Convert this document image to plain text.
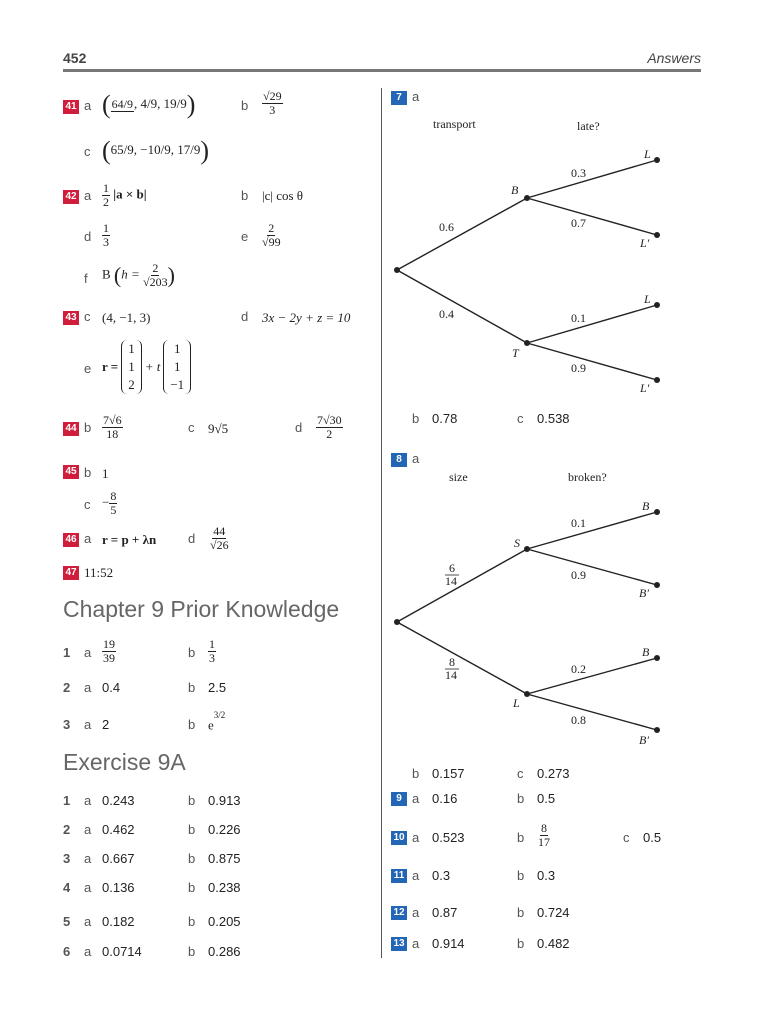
452	Answers
41 a ( 64/9 , 4/9, 19/9)	b $\frac{√29}{3}$
c (65/9, −10/9, 17/9)
42 a $\frac{1}{2} |a \times b|$	b |c| cos θ
d $\frac{1}{3}$	e $\frac{2}{√99}$
f B ($h = \frac{2}{√203}$ )
43 c (4, −1, 3)	d 3x − 2y + z = 10
e r =
1
1
2
+ t
1
1
−1
44 b $\frac{7√6}{18}$	c 9√5	d $\frac{7√30}{2}$
45 b 1
$c - \frac{8}{5}$
46 a r = p + λn d $\frac{44}{√26}$
47 11:52
Chapter 9 Prior Knowledge
1 a $\frac{19}{39}$	b $\frac{1}{3}$
2 a 0.4	b 2.5
3 a 2	b $e^{3/2}$
Exercise 9A
1 a 0.243	b 0.913
2 a 0.462	b 0.226
3 a 0.667	b 0.875
4 a 0.136	b 0.238
5 a 0.182	b 0.205
6 a 0.0714	b 0.286
7 a
transport	late?
0.6
0.4
B
T
0.3
0.7
0.1
0.9
L
L′
L
L′
b 0.78	c 0.538
8 a
size	broken?
6
14
8
14
S
L
0.1
0.9
0.2
0.8
B
B′
B
B′
b 0.157	c 0.273
9 a 0.16	b 0.5
10 a 0.523	b $\frac{8}{17}$	c 0.5
11 a 0.3	b 0.3
12 a 0.87	b 0.724
13 a 0.914	b 0.482
